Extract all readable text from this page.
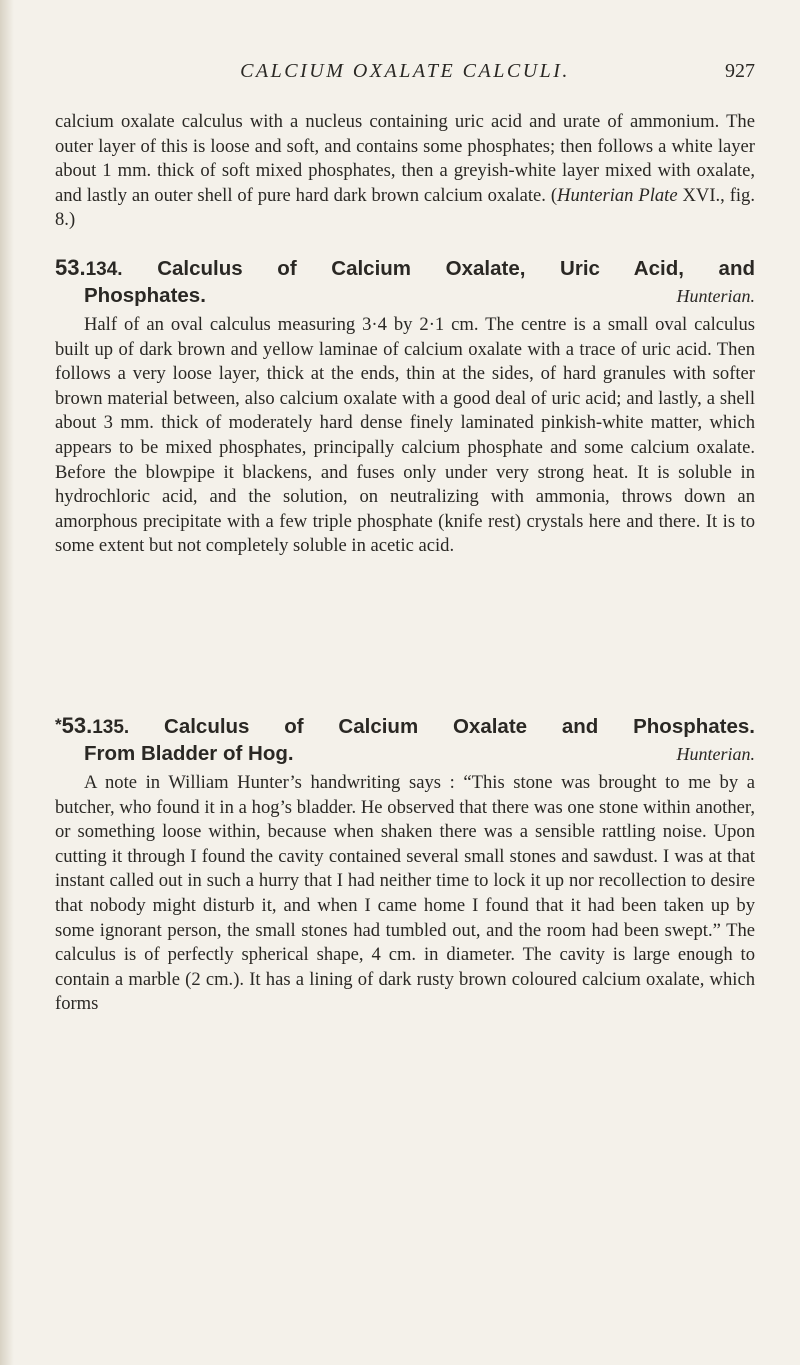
CALCIUM OXALATE CALCULI.	927

calcium oxalate calculus with a nucleus containing uric acid and urate of ammonium. The outer layer of this is loose and soft, and contains some phosphates; then follows a white layer about 1 mm. thick of soft mixed phosphates, then a greyish-white layer mixed with oxalate, and lastly an outer shell of pure hard dark brown calcium oxalate. (Hunterian Plate XVI., fig. 8.)

53.134. Calculus of Calcium Oxalate, Uric Acid, and
Phosphates.	Hunterian.

Half of an oval calculus measuring 3·4 by 2·1 cm. The centre is a small oval calculus built up of dark brown and yellow laminae of calcium oxalate with a trace of uric acid. Then follows a very loose layer, thick at the ends, thin at the sides, of hard granules with softer brown material between, also calcium oxalate with a good deal of uric acid; and lastly, a shell about 3 mm. thick of moderately hard dense finely laminated pinkish-white matter, which appears to be mixed phosphates, principally calcium phosphate and some calcium oxalate. Before the blowpipe it blackens, and fuses only under very strong heat. It is soluble in hydrochloric acid, and the solution, on neutralizing with ammonia, throws down an amorphous precipitate with a few triple phosphate (knife rest) crystals here and there. It is to some extent but not completely soluble in acetic acid.

*53.135. Calculus of Calcium Oxalate and Phosphates.
From Bladder of Hog.	Hunterian.

A note in William Hunter’s handwriting says : “This stone was brought to me by a butcher, who found it in a hog’s bladder. He observed that there was one stone within another, or something loose within, because when shaken there was a sensible rattling noise. Upon cutting it through I found the cavity contained several small stones and sawdust. I was at that instant called out in such a hurry that I had neither time to lock it up nor recollection to desire that nobody might disturb it, and when I came home I found that it had been taken up by some ignorant person, the small stones had tumbled out, and the room had been swept.” The calculus is of perfectly spherical shape, 4 cm. in diameter. The cavity is large enough to contain a marble (2 cm.). It has a lining of dark rusty brown coloured calcium oxalate, which forms
